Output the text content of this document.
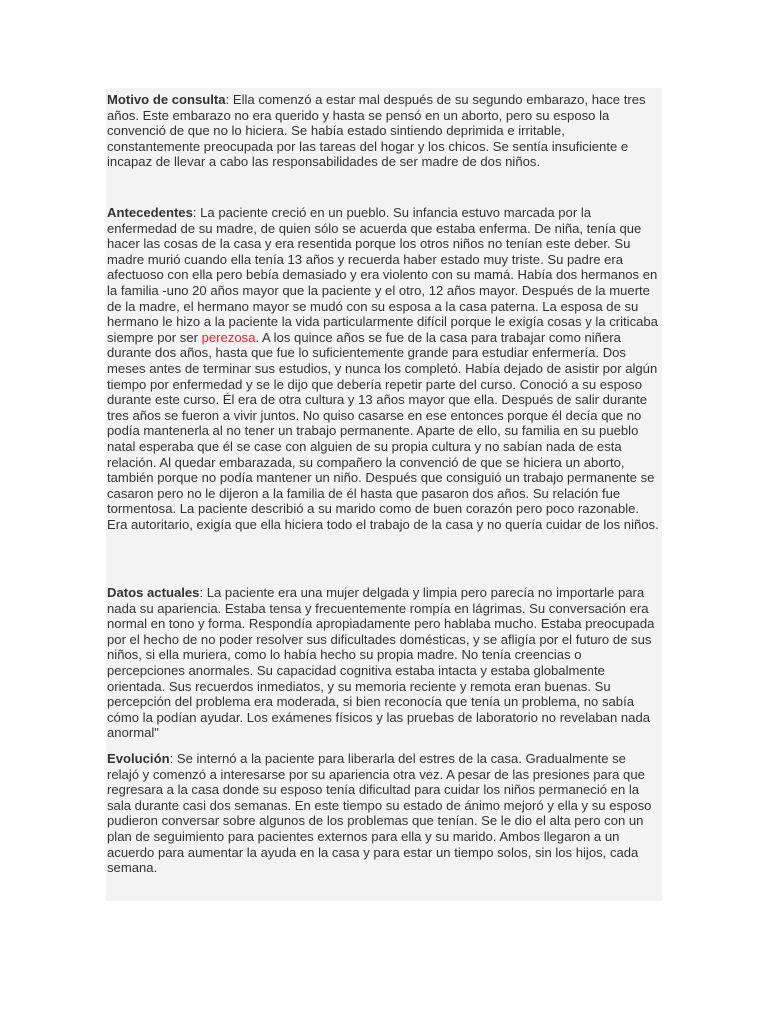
Motivo de consulta: Ella comenzó a estar mal después de su segundo embarazo, hace tres años. Este embarazo no era querido y hasta se pensó en un aborto, pero su esposo la convenció de que no lo hiciera. Se había estado sintiendo deprimida e irritable, constantemente preocupada por las tareas del hogar y los chicos. Se sentía insuficiente e incapaz de llevar a cabo las responsabilidades de ser madre de dos niños.

Antecedentes: La paciente creció en un pueblo. Su infancia estuvo marcada por la enfermedad de su madre, de quien sólo se acuerda que estaba enferma. De niña, tenía que hacer las cosas de la casa y era resentida porque los otros niños no tenían este deber. Su madre murió cuando ella tenía 13 años y recuerda haber estado muy triste. Su padre era afectuoso con ella pero bebía demasiado y era violento con su mamá. Había dos hermanos en la familia -uno 20 años mayor que la paciente y el otro, 12 años mayor. Después de la muerte de la madre, el hermano mayor se mudó con su esposa a la casa paterna. La esposa de su hermano le hizo a la paciente la vida particularmente difícil porque le exigía cosas y la criticaba siempre por ser perezosa. A los quince años se fue de la casa para trabajar como niñera durante dos años, hasta que fue lo suficientemente grande para estudiar enfermería. Dos meses antes de terminar sus estudios, y nunca los completó. Había dejado de asistir por algún tiempo por enfermedad y se le dijo que debería repetir parte del curso. Conoció a su esposo durante este curso. Él era de otra cultura y 13 años mayor que ella. Después de salir durante tres años se fueron a vivir juntos. No quiso casarse en ese entonces porque él decía que no podía mantenerla al no tener un trabajo permanente. Aparte de ello, su familia en su pueblo natal esperaba que él se case con alguien de su propia cultura y no sabían nada de esta relación. Al quedar embarazada, su compañero la convenció de que se hiciera un aborto, también porque no podía mantener un niño. Después que consiguió un trabajo permanente se casaron pero no le dijeron a la familia de él hasta que pasaron dos años. Su relación fue tormentosa. La paciente describió a su marido como de buen corazón pero poco razonable. Era autoritario, exigía que ella hiciera todo el trabajo de la casa y no quería cuidar de los niños.

Datos actuales: La paciente era una mujer delgada y limpia pero parecía no importarle para nada su apariencia. Estaba tensa y frecuentemente rompía en lágrimas. Su conversación era normal en tono y forma. Respondía apropiadamente pero hablaba mucho. Estaba preocupada por el hecho de no poder resolver sus dificultades domésticas, y se afligía por el futuro de sus niños, si ella muriera, como lo había hecho su propia madre. No tenía creencias o percepciones anormales. Su capacidad cognitiva estaba intacta y estaba globalmente orientada. Sus recuerdos inmediatos, y su memoria reciente y remota eran buenas. Su percepción del problema era moderada, si bien reconocía que tenía un problema, no sabía cómo la podían ayudar. Los exámenes físicos y las pruebas de laboratorio no revelaban nada anormal"

Evolución: Se internó a la paciente para liberarla del estres de la casa. Gradualmente se relajó y comenzó a interesarse por su apariencia otra vez. A pesar de las presiones para que regresara a la casa donde su esposo tenía dificultad para cuidar los niños permaneció en la sala durante casi dos semanas. En este tiempo su estado de ánimo mejoró y ella y su esposo pudieron conversar sobre algunos de los problemas que tenían. Se le dio el alta pero con un plan de seguimiento para pacientes externos para ella y su marido. Ambos llegaron a un acuerdo para aumentar la ayuda en la casa y para estar un tiempo solos, sin los hijos, cada semana.
